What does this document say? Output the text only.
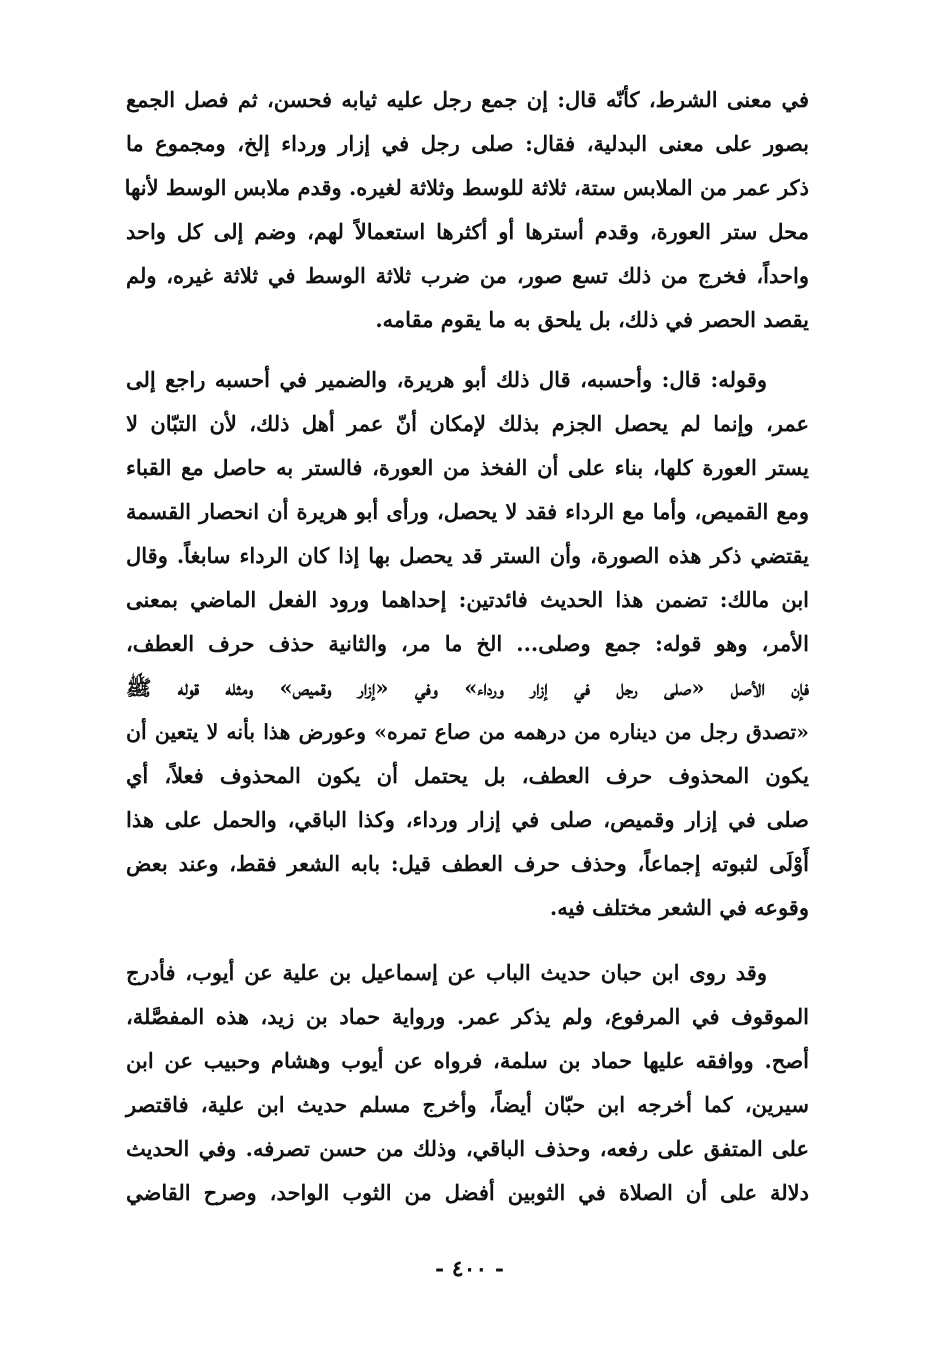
في معنى الشرط، كأنّه قال: إن جمع رجل عليه ثيابه فحسن، ثم فصل الجمع
بصور على معنى البدلية، فقال: صلى رجل في إزار ورداء إلخ، ومجموع ما
ذكر عمر من الملابس ستة، ثلاثة للوسط وثلاثة لغيره. وقدم ملابس الوسط لأنها
محل ستر العورة، وقدم أسترها أو أكثرها استعمالاً لهم، وضم إلى كل واحد
واحداً، فخرج من ذلك تسع صور، من ضرب ثلاثة الوسط في ثلاثة غيره، ولم
يقصد الحصر في ذلك، بل يلحق به ما يقوم مقامه.
وقوله: قال: وأحسبه، قال ذلك أبو هريرة، والضمير في أحسبه راجع إلى
عمر، وإنما لم يحصل الجزم بذلك لإمكان أنّ عمر أهل ذلك، لأن التبّان لا
يستر العورة كلها، بناء على أن الفخذ من العورة، فالستر به حاصل مع القباء
ومع القميص، وأما مع الرداء فقد لا يحصل، ورأى أبو هريرة أن انحصار القسمة
يقتضي ذكر هذه الصورة، وأن الستر قد يحصل بها إذا كان الرداء سابغاً. وقال
ابن مالك: تضمن هذا الحديث فائدتين: إحداهما ورود الفعل الماضي بمعنى
الأمر، وهو قوله: جمع وصلى... الخ ما مر، والثانية حذف حرف العطف،
فإن الأصل «صلى رجل في إزار ورداء» وفي «إزار وقميص» ومثله قوله ﷺ
«تصدق رجل من ديناره من درهمه من صاع تمره» وعورض هذا بأنه لا يتعين أن
يكون المحذوف حرف العطف، بل يحتمل أن يكون المحذوف فعلاً، أي
صلى في إزار وقميص، صلى في إزار ورداء، وكذا الباقي، والحمل على هذا
أَوْلَى لثبوته إجماعاً، وحذف حرف العطف قيل: بابه الشعر فقط، وعند بعض
وقوعه في الشعر مختلف فيه.
وقد روى ابن حبان حديث الباب عن إسماعيل بن علية عن أيوب، فأدرج
الموقوف في المرفوع، ولم يذكر عمر. ورواية حماد بن زيد، هذه المفصَّلة،
أصح. ووافقه عليها حماد بن سلمة، فرواه عن أيوب وهشام وحبيب عن ابن
سيرين، كما أخرجه ابن حبّان أيضاً، وأخرج مسلم حديث ابن علية، فاقتصر
على المتفق على رفعه، وحذف الباقي، وذلك من حسن تصرفه. وفي الحديث
دلالة على أن الصلاة في الثوبين أفضل من الثوب الواحد، وصرح القاضي
- ٤٠٠ -
